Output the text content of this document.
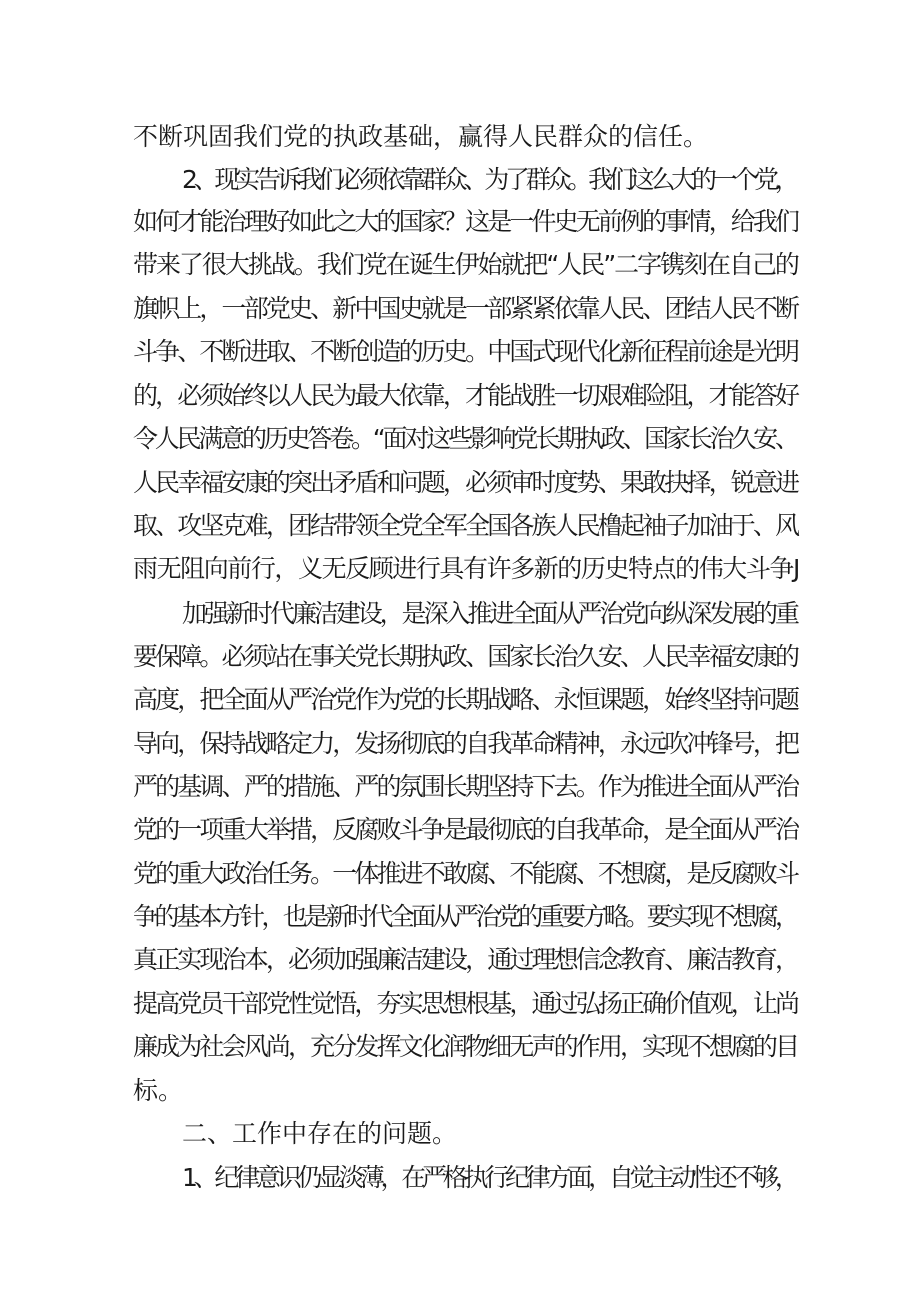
不断巩固我们党的执政基础，赢得人民群众的信任。
2、现实告诉我们必须依靠群众、为了群众。我们这么大的一个党，
如何才能治理好如此之大的国家？这是一件史无前例的事情，给我们
带来了很大挑战。我们党在诞生伊始就把“人民”二字镌刻在自己的
旗帜上，一部党史、新中国史就是一部紧紧依靠人民、团结人民不断
斗争、不断进取、不断创造的历史。中国式现代化新征程前途是光明
的，必须始终以人民为最大依靠，才能战胜一切艰难险阻，才能答好
令人民满意的历史答卷。“面对这些影响党长期执政、国家长治久安、
人民幸福安康的突出矛盾和问题，必须审时度势、果敢抉择，锐意进
取、攻坚克难，团结带领全党全军全国各族人民橹起袖子加油于、风
雨无阻向前行，义无反顾进行具有许多新的历史特点的伟大斗争J
加强新时代廉洁建设，是深入推进全面从严治党向纵深发展的重
要保障。必须站在事关党长期执政、国家长治久安、人民幸福安康的
高度，把全面从严治党作为党的长期战略、永恒课题，始终坚持问题
导向，保持战略定力，发扬彻底的自我革命精神，永远吹冲锋号，把
严的基调、严的措施、严的氛围长期坚持下去。作为推进全面从严治
党的一项重大举措，反腐败斗争是最彻底的自我革命，是全面从严治
党的重大政治任务。一体推进不敢腐、不能腐、不想腐，是反腐败斗
争的基本方针，也是新时代全面从严治党的重要方略。要实现不想腐，
真正实现治本，必须加强廉洁建设，通过理想信念教育、廉洁教育，
提高党员干部党性觉悟，夯实思想根基，通过弘扬正确价值观，让尚
廉成为社会风尚，充分发挥文化润物细无声的作用，实现不想腐的目
标。
二、工作中存在的问题。
1、纪律意识仍显淡薄，在严格执行纪律方面，自觉主动性还不够，
